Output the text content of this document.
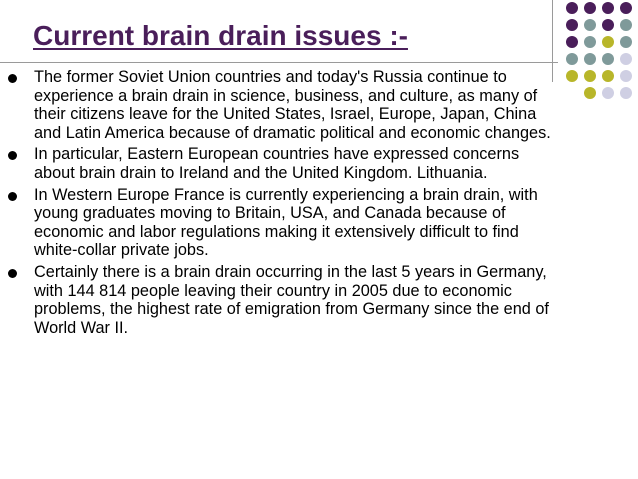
Current brain drain issues :-
The former Soviet Union countries and today's Russia continue to experience a brain drain in science, business, and culture, as many of their citizens leave for the United States, Israel, Europe, Japan, China and Latin America because of dramatic political and economic changes.
In particular, Eastern European countries have expressed concerns about brain drain to Ireland and the United Kingdom. Lithuania.
In Western Europe France is currently experiencing a brain drain, with young graduates moving to Britain, USA, and Canada because of economic and labor regulations making it extensively difficult to find white-collar private jobs.
Certainly there is a brain drain occurring in the last 5 years in Germany, with 144 814 people leaving their country in 2005 due to economic problems, the highest rate of emigration from Germany since the end of World War II.
